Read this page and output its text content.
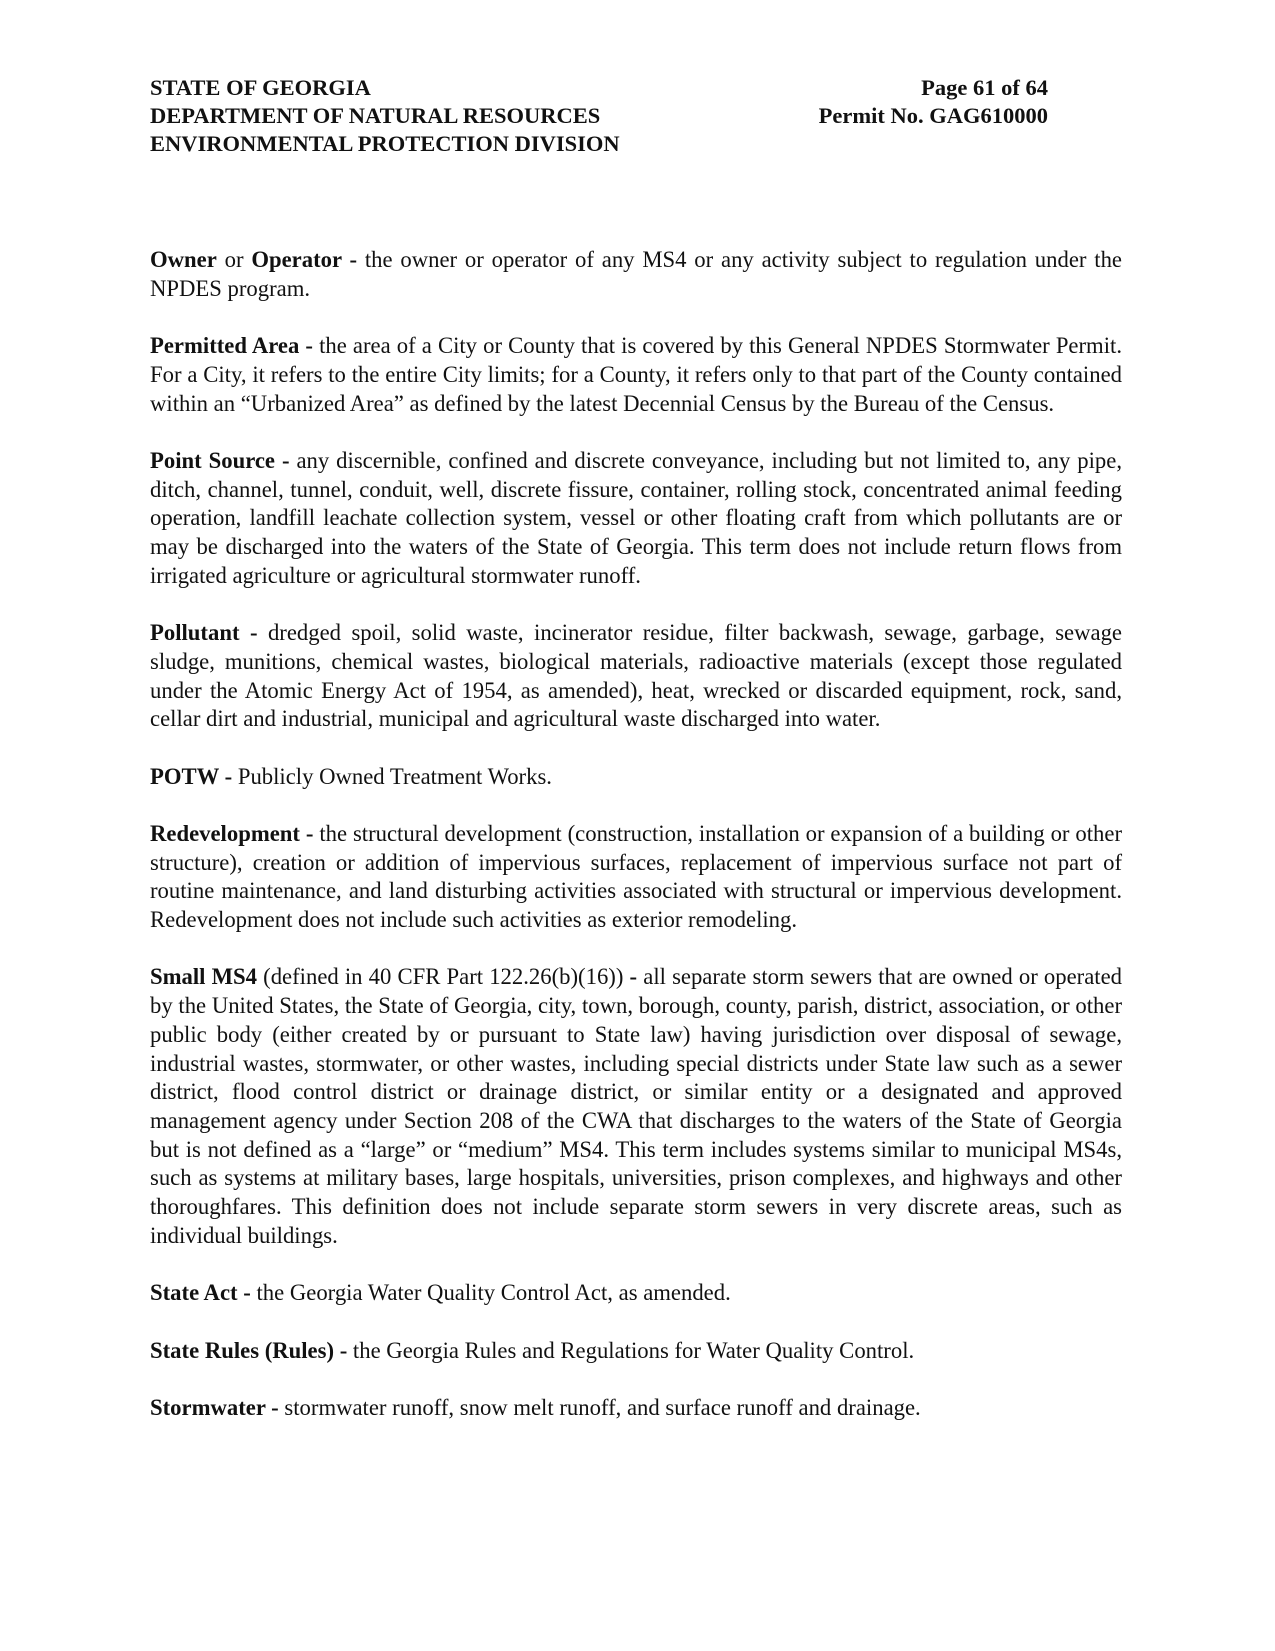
STATE OF GEORGIA
DEPARTMENT OF NATURAL RESOURCES
ENVIRONMENTAL PROTECTION DIVISION
Page 61 of 64
Permit No. GAG610000

Owner or Operator - the owner or operator of any MS4 or any activity subject to regulation under the NPDES program.

Permitted Area - the area of a City or County that is covered by this General NPDES Stormwater Permit. For a City, it refers to the entire City limits; for a County, it refers only to that part of the County contained within an “Urbanized Area” as defined by the latest Decennial Census by the Bureau of the Census.

Point Source - any discernible, confined and discrete conveyance, including but not limited to, any pipe, ditch, channel, tunnel, conduit, well, discrete fissure, container, rolling stock, concentrated animal feeding operation, landfill leachate collection system, vessel or other floating craft from which pollutants are or may be discharged into the waters of the State of Georgia. This term does not include return flows from irrigated agriculture or agricultural stormwater runoff.

Pollutant - dredged spoil, solid waste, incinerator residue, filter backwash, sewage, garbage, sewage sludge, munitions, chemical wastes, biological materials, radioactive materials (except those regulated under the Atomic Energy Act of 1954, as amended), heat, wrecked or discarded equipment, rock, sand, cellar dirt and industrial, municipal and agricultural waste discharged into water.

POTW - Publicly Owned Treatment Works.

Redevelopment - the structural development (construction, installation or expansion of a building or other structure), creation or addition of impervious surfaces, replacement of impervious surface not part of routine maintenance, and land disturbing activities associated with structural or impervious development. Redevelopment does not include such activities as exterior remodeling.

Small MS4 (defined in 40 CFR Part 122.26(b)(16)) - all separate storm sewers that are owned or operated by the United States, the State of Georgia, city, town, borough, county, parish, district, association, or other public body (either created by or pursuant to State law) having jurisdiction over disposal of sewage, industrial wastes, stormwater, or other wastes, including special districts under State law such as a sewer district, flood control district or drainage district, or similar entity or a designated and approved management agency under Section 208 of the CWA that discharges to the waters of the State of Georgia but is not defined as a “large” or “medium” MS4. This term includes systems similar to municipal MS4s, such as systems at military bases, large hospitals, universities, prison complexes, and highways and other thoroughfares. This definition does not include separate storm sewers in very discrete areas, such as individual buildings.

State Act - the Georgia Water Quality Control Act, as amended.

State Rules (Rules) - the Georgia Rules and Regulations for Water Quality Control.

Stormwater - stormwater runoff, snow melt runoff, and surface runoff and drainage.
